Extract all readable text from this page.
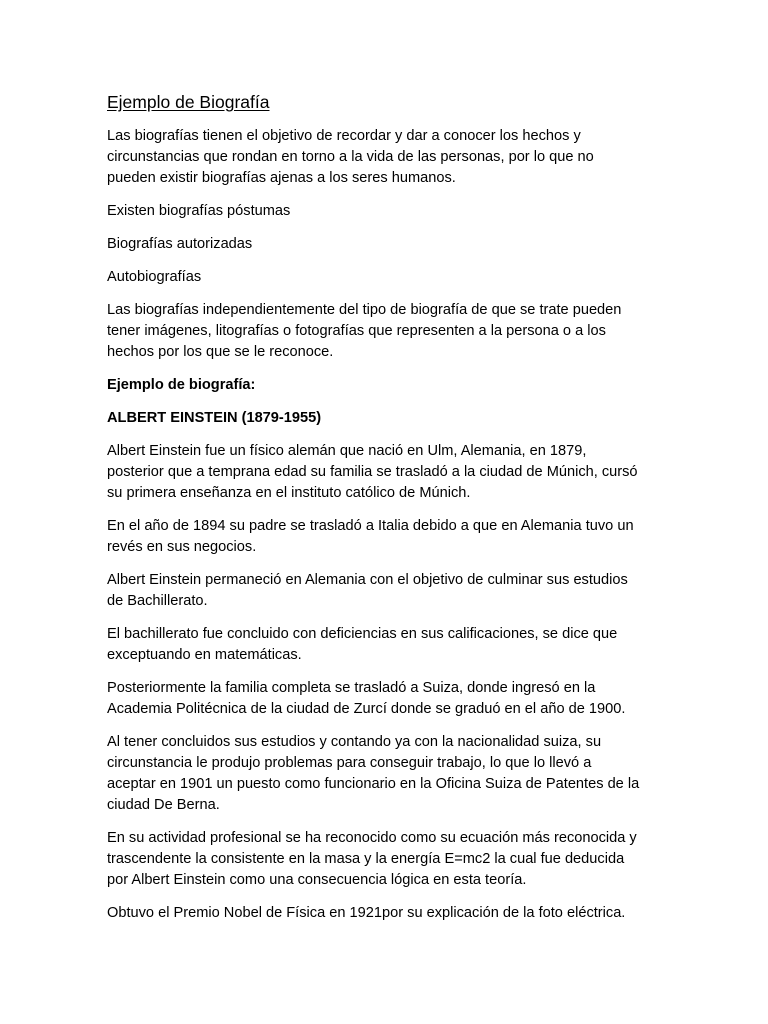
Ejemplo de Biografía

Las biografías tienen el objetivo de recordar y dar a conocer los hechos y
circunstancias que rondan en torno a la vida de las personas, por lo que no
pueden existir biografías ajenas a los seres humanos.

Existen biografías póstumas

Biografías autorizadas

Autobiografías

Las biografías independientemente del tipo de biografía de que se trate pueden
tener imágenes, litografías o fotografías que representen a la persona o a los
hechos por los que se le reconoce.

Ejemplo de biografía:

ALBERT EINSTEIN (1879-1955)

Albert Einstein fue un físico alemán que nació en Ulm, Alemania, en 1879,
posterior que a temprana edad su familia se trasladó a la ciudad de Múnich, cursó
su primera enseñanza en el instituto católico de Múnich.

En el año de 1894 su padre se trasladó a Italia debido a que en Alemania tuvo un
revés en sus negocios.

Albert Einstein permaneció en Alemania con el objetivo de culminar sus estudios
de Bachillerato.

El bachillerato fue concluido con deficiencias en sus calificaciones, se dice que
exceptuando en matemáticas.

Posteriormente la familia completa se trasladó a Suiza, donde ingresó en la
Academia Politécnica de la ciudad de Zurcí donde se graduó en el año de 1900.

Al tener concluidos sus estudios y contando ya con la nacionalidad suiza, su
circunstancia le produjo problemas para conseguir trabajo, lo que lo llevó a
aceptar en 1901 un puesto como funcionario en la Oficina Suiza de Patentes de la
ciudad De Berna.

En su actividad profesional se ha reconocido como su ecuación más reconocida y
trascendente la consistente en la masa y la energía E=mc2 la cual fue deducida
por Albert Einstein como una consecuencia lógica en esta teoría.

Obtuvo el Premio Nobel de Física en 1921por su explicación de la foto eléctrica.
